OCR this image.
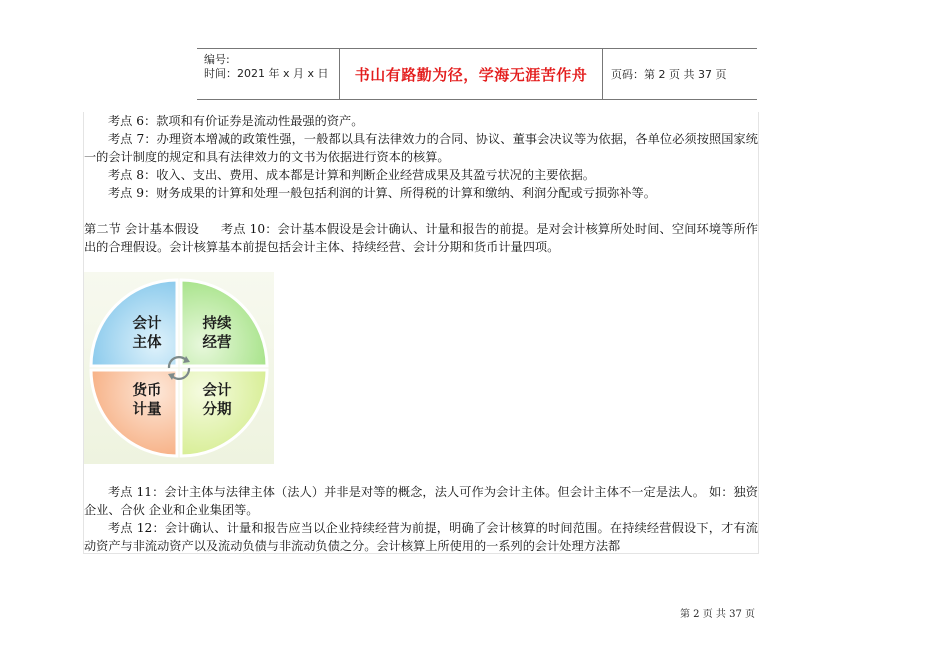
编号:
时间：2021 年 x 月 x 日 书山有路勤为径，学海无涯苦作舟 页码：第 2 页 共 37 页

考点 6：款项和有价证券是流动性最强的资产。

考点 7：办理资本增减的政策性强，一般都以具有法律效力的合同、协议、董事会决议等为依据，各单位必须按照国家统一的会计制度的规定和具有法律效力的文书为依据进行资本的核算。

考点 8：收入、支出、费用、成本都是计算和判断企业经营成果及其盈亏状况的主要依据。

考点 9：财务成果的计算和处理一般包括利润的计算、所得税的计算和缴纳、利润分配或亏损弥补等。

第二节 会计基本假设 考点 10：会计基本假设是会计确认、计量和报告的前提。是对会计核算所处时间、空间环境等所作出的合理假设。会计核算基本前提包括会计主体、持续经营、会计分期和货币计量四项。

会计
主体
持续
经营
货币
计量
会计
分期

考点 11：会计主体与法律主体（法人）并非是对等的概念，法人可作为会计主体。但会计主体不一定是法人。 如：独资企业、合伙 企业和企业集团等。

考点 12：会计确认、计量和报告应当以企业持续经营为前提，明确了会计核算的时间范围。在持续经营假设下，才有流动资产与非流动资产以及流动负债与非流动负债之分。会计核算上所使用的一系列的会计处理方法都

第 2 页 共 37 页
